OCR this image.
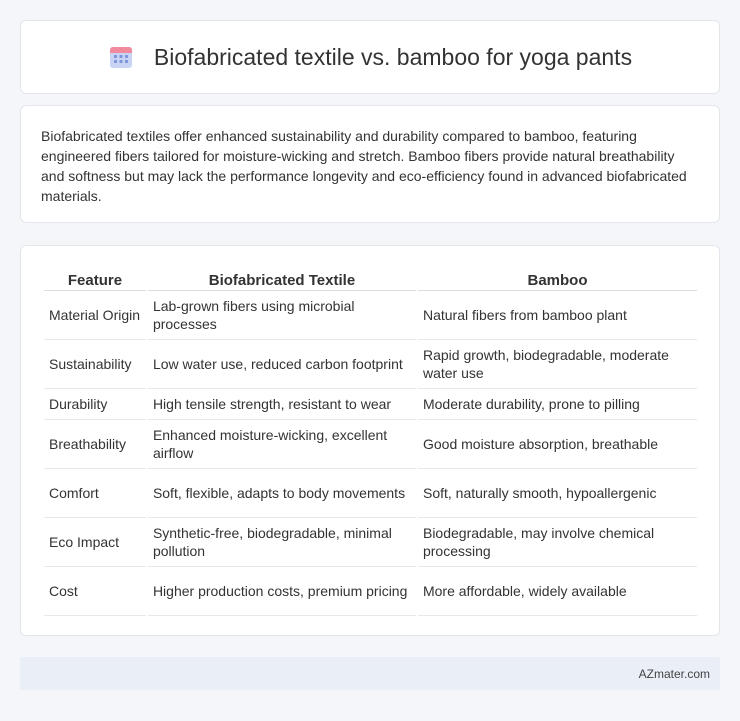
Biofabricated textile vs. bamboo for yoga pants

Biofabricated textiles offer enhanced sustainability and durability compared to bamboo, featuring engineered fibers tailored for moisture-wicking and stretch. Bamboo fibers provide natural breathability and softness but may lack the performance longevity and eco-efficiency found in advanced biofabricated materials.

Feature	Biofabricated Textile	Bamboo
Material Origin	Lab-grown fibers using microbial processes	Natural fibers from bamboo plant
Sustainability	Low water use, reduced carbon footprint	Rapid growth, biodegradable, moderate water use
Durability	High tensile strength, resistant to wear	Moderate durability, prone to pilling
Breathability	Enhanced moisture-wicking, excellent airflow	Good moisture absorption, breathable
Comfort	Soft, flexible, adapts to body movements	Soft, naturally smooth, hypoallergenic
Eco Impact	Synthetic-free, biodegradable, minimal pollution	Biodegradable, may involve chemical processing
Cost	Higher production costs, premium pricing	More affordable, widely available
AZmater.com
